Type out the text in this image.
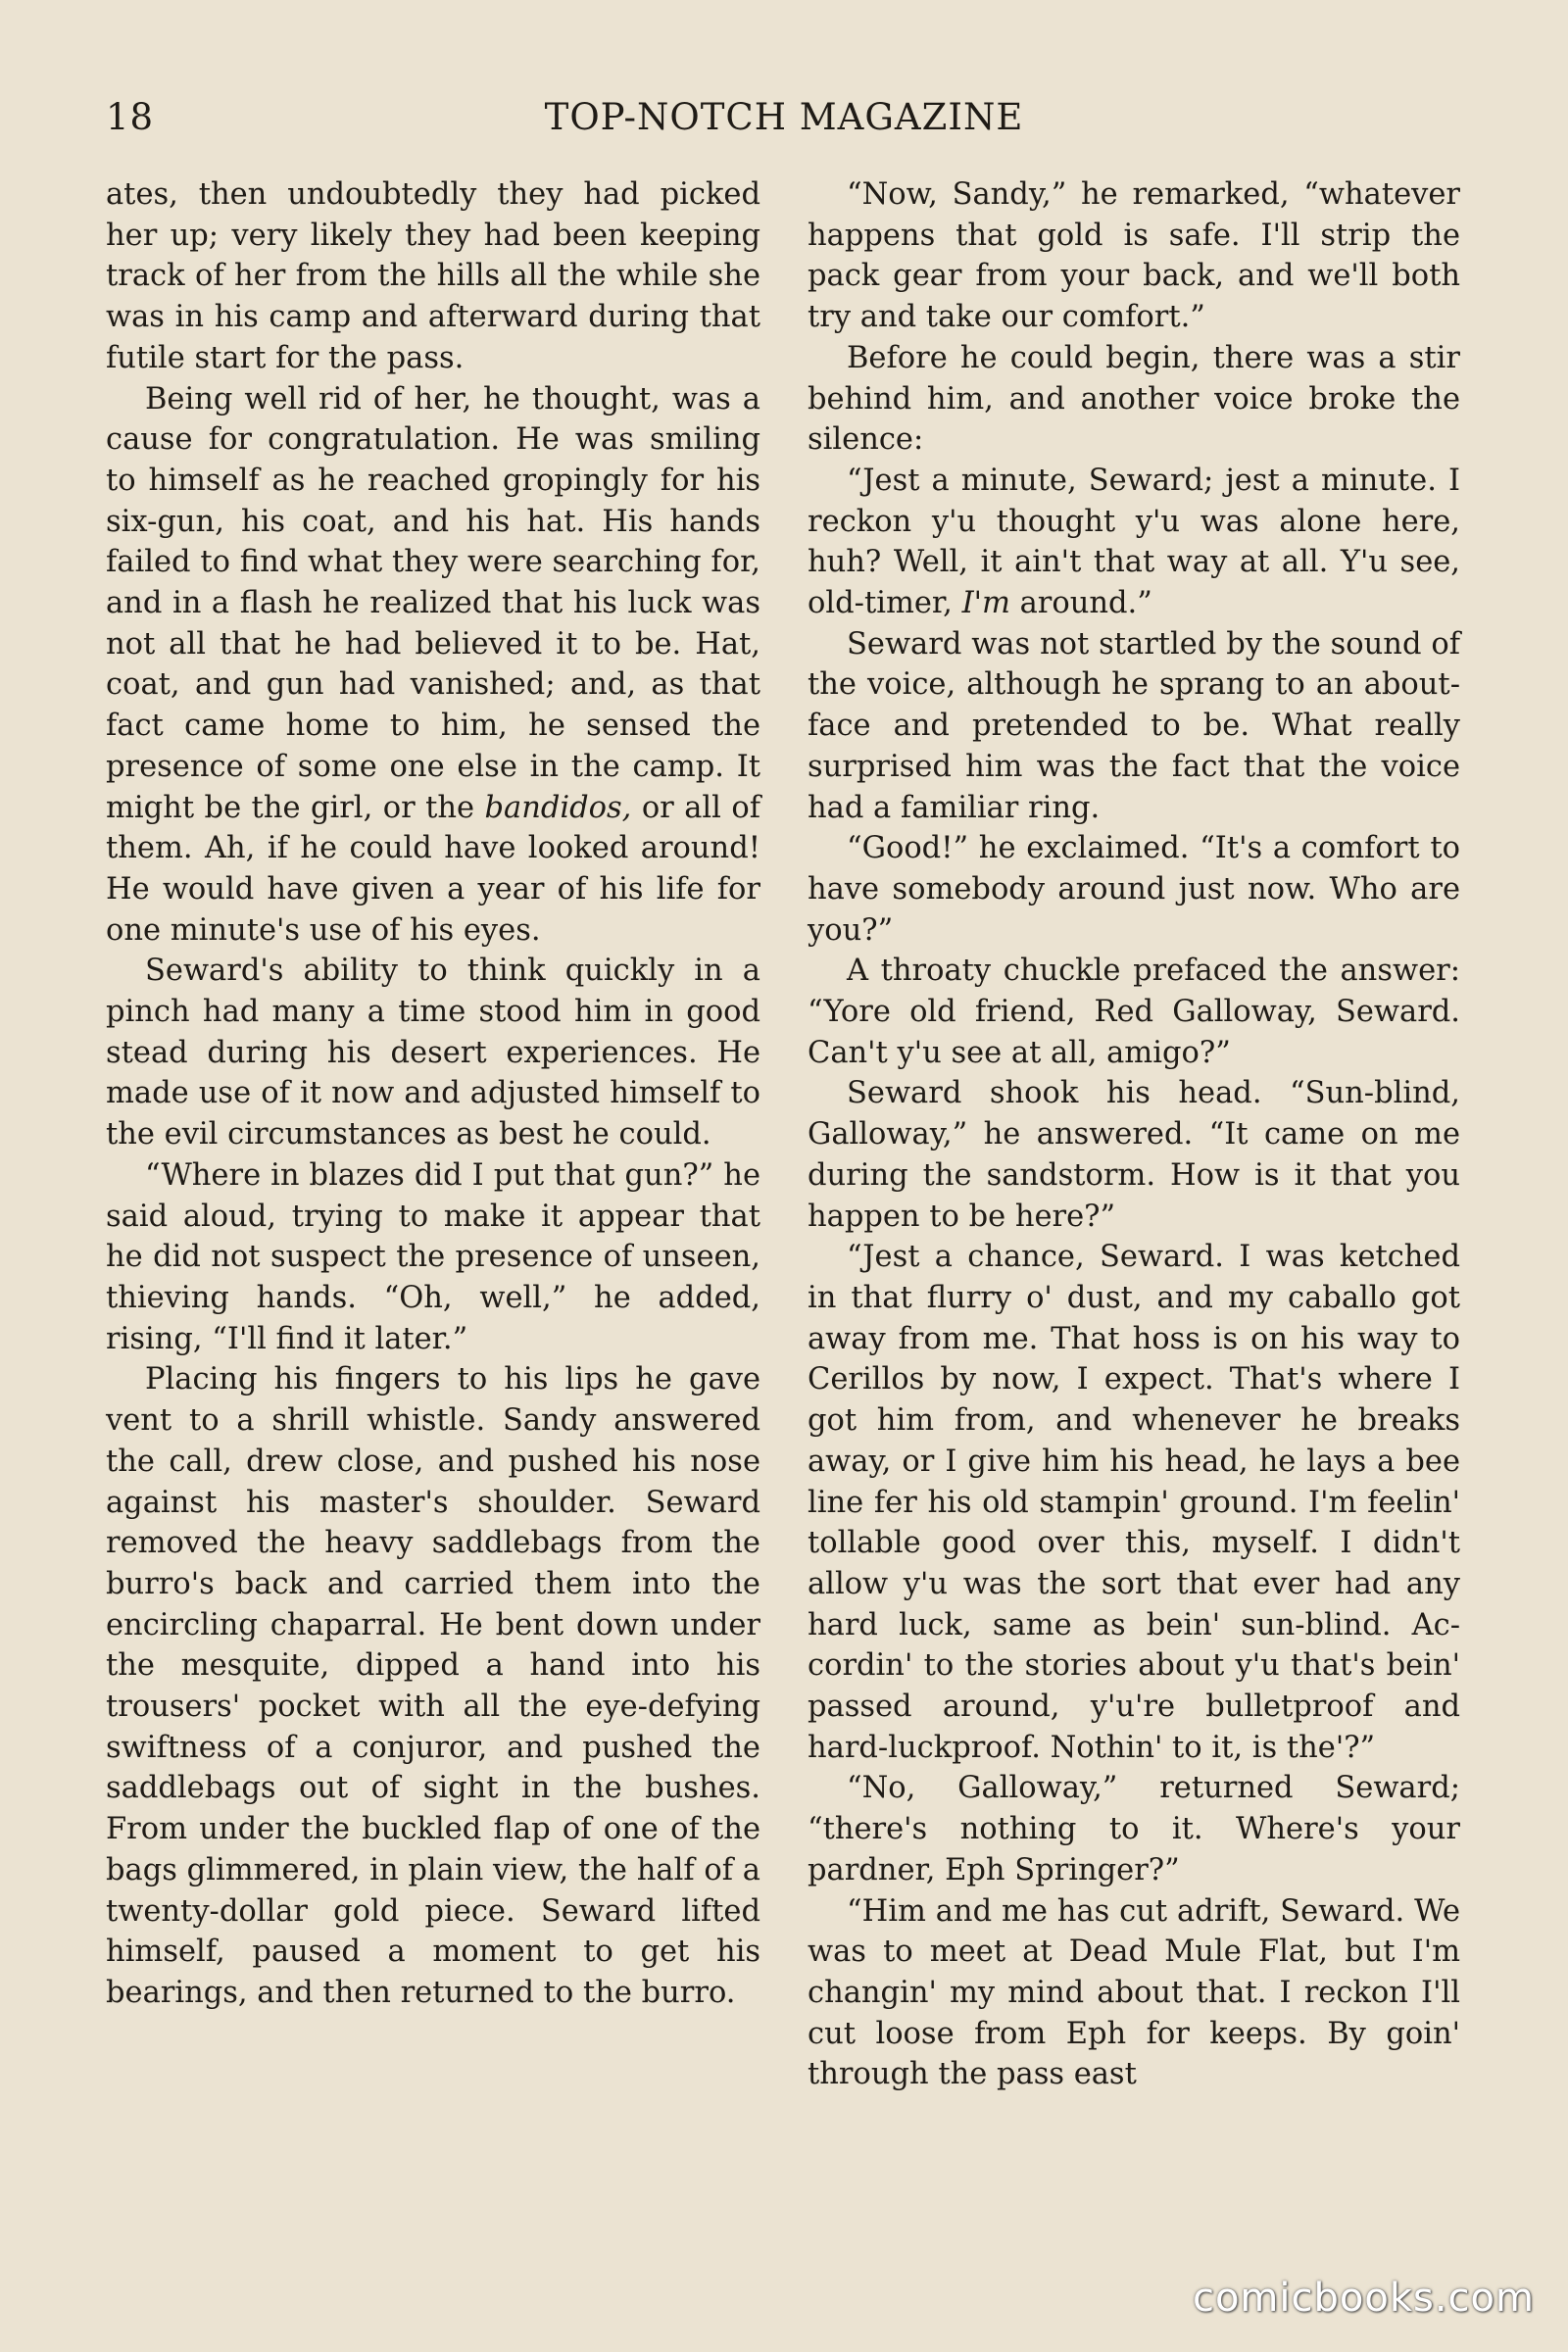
18	TOP-NOTCH MAGAZINE

ates, then undoubtedly they had picked her up; very likely they had been keeping track of her from the hills all the while she was in his camp and afterward during that futile start for the pass.

Being well rid of her, he thought, was a cause for congratulation. He was smiling to himself as he reached gropingly for his six-gun, his coat, and his hat. His hands failed to find what they were searching for, and in a flash he realized that his luck was not all that he had believed it to be. Hat, coat, and gun had vanished; and, as that fact came home to him, he sensed the presence of some one else in the camp. It might be the girl, or the bandidos, or all of them. Ah, if he could have looked around! He would have given a year of his life for one minute's use of his eyes.

Seward's ability to think quickly in a pinch had many a time stood him in good stead during his desert experiences. He made use of it now and adjusted himself to the evil circumstances as best he could.

“Where in blazes did I put that gun?” he said aloud, trying to make it appear that he did not suspect the presence of unseen, thieving hands. “Oh, well,” he added, rising, “I'll find it later.”

Placing his fingers to his lips he gave vent to a shrill whistle. Sandy answered the call, drew close, and pushed his nose against his master's shoulder. Seward removed the heavy saddlebags from the burro's back and carried them into the encircling chaparral. He bent down under the mesquite, dipped a hand into his trousers' pocket with all the eye-defying swiftness of a conjuror, and pushed the saddlebags out of sight in the bushes. From under the buckled flap of one of the bags glimmered, in plain view, the half of a twenty-dollar gold piece. Seward lifted himself, paused a moment to get his bearings, and then returned to the burro.

“Now, Sandy,” he remarked, “whatever happens that gold is safe. I'll strip the pack gear from your back, and we'll both try and take our comfort.”

Before he could begin, there was a stir behind him, and another voice broke the silence:

“Jest a minute, Seward; jest a minute. I reckon y'u thought y'u was alone here, huh? Well, it ain't that way at all. Y'u see, old-timer, I'm around.”

Seward was not startled by the sound of the voice, although he sprang to an about-face and pretended to be. What really surprised him was the fact that the voice had a familiar ring.

“Good!” he exclaimed. “It's a comfort to have somebody around just now. Who are you?”

A throaty chuckle prefaced the answer: “Yore old friend, Red Galloway, Seward. Can't y'u see at all, amigo?”

Seward shook his head. “Sun-blind, Galloway,” he answered. “It came on me during the sandstorm. How is it that you happen to be here?”

“Jest a chance, Seward. I was ketched in that flurry o' dust, and my caballo got away from me. That hoss is on his way to Cerillos by now, I expect. That's where I got him from, and whenever he breaks away, or I give him his head, he lays a bee line fer his old stampin' ground. I'm feelin' tollable good over this, myself. I didn't allow y'u was the sort that ever had any hard luck, same as bein' sun-blind. Accordin' to the stories about y'u that's bein' passed around, y'u're bulletproof and hard-luckproof. Nothin' to it, is the'?”

“No, Galloway,” returned Seward; “there's nothing to it. Where's your pardner, Eph Springer?”

“Him and me has cut adrift, Seward. We was to meet at Dead Mule Flat, but I'm changin' my mind about that. I reckon I'll cut loose from Eph for keeps. By goin' through the pass east

comicbooks.com
